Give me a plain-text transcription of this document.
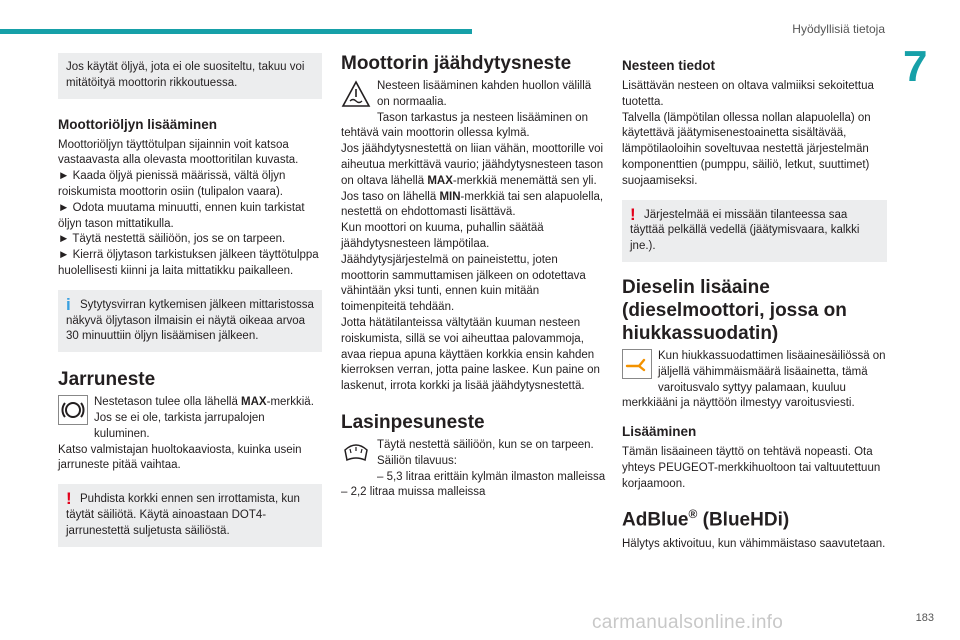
Hyödyllisiä tietoja
7
Jos käytät öljyä, jota ei ole suositeltu, takuu voi mitätöityä moottorin rikkoutuessa.
Moottoriöljyn lisääminen
Moottoriöljyn täyttötulpan sijainnin voit katsoa vastaavasta alla olevasta moottoritilan kuvasta.
► Kaada öljyä pienissä määrissä, vältä öljyn roiskumista moottorin osiin (tulipalon vaara).
► Odota muutama minuutti, ennen kuin tarkistat öljyn tason mittatikulla.
► Täytä nestettä säiliöön, jos se on tarpeen.
► Kierrä öljytason tarkistuksen jälkeen täyttötulppa huolellisesti kiinni ja laita mittatikku paikalleen.
i Sytytysvirran kytkemisen jälkeen mittaristossa näkyvä öljytason ilmaisin ei näytä oikeaa arvoa 30 minuuttiin öljyn lisäämisen jälkeen.
Jarruneste
Nestetason tulee olla lähellä MAX-merkkiä. Jos se ei ole, tarkista jarrupalojen kuluminen.
Katso valmistajan huoltokaaviosta, kuinka usein jarruneste pitää vaihtaa.
! Puhdista korkki ennen sen irrottamista, kun täytät säiliötä. Käytä ainoastaan DOT4-jarrunestettä suljetusta säiliöstä.
Moottorin jäähdytysneste
Nesteen lisääminen kahden huollon välillä on normaalia.
Tason tarkastus ja nesteen lisääminen on tehtävä vain moottorin ollessa kylmä.
Jos jäähdytysnestettä on liian vähän, moottorille voi aiheutua merkittävä vaurio; jäähdytysnesteen tason on oltava lähellä MAX-merkkiä menemättä sen yli.
Jos taso on lähellä MIN-merkkiä tai sen alapuolella, nestettä on ehdottomasti lisättävä.
Kun moottori on kuuma, puhallin säätää jäähdytysnesteen lämpötilaa.
Jäähdytysjärjestelmä on paineistettu, joten moottorin sammuttamisen jälkeen on odotettava vähintään yksi tunti, ennen kuin mitään toimenpiteitä tehdään.
Jotta hätätilanteissa vältytään kuuman nesteen roiskumista, sillä se voi aiheuttaa palovammoja, avaa riepua apuna käyttäen korkkia ensin kahden kierroksen verran, jotta paine laskee. Kun paine on laskenut, irrota korkki ja lisää jäähdytysnestettä.
Lasinpesuneste
Täytä nestettä säiliöön, kun se on tarpeen.
Säiliön tilavuus:
– 5,3 litraa erittäin kylmän ilmaston malleissa
– 2,2 litraa muissa malleissa
Nesteen tiedot
Lisättävän nesteen on oltava valmiiksi sekoitettua tuotetta.
Talvella (lämpötilan ollessa nollan alapuolella) on käytettävä jäätymisenestoainetta sisältävää, lämpötilaoloihin soveltuvaa nestettä järjestelmän komponenttien (pumppu, säiliö, letkut, suuttimet) suojaamiseksi.
! Järjestelmää ei missään tilanteessa saa täyttää pelkällä vedellä (jäätymisvaara, kalkki jne.).
Dieselin lisäaine (dieselmoottori, jossa on hiukkassuodatin)
Kun hiukkassuodattimen lisäainesäiliössä on jäljellä vähimmäismäärä lisäainetta, tämä varoitusvalo syttyy palamaan, kuuluu merkkiääni ja näyttöön ilmestyy varoitusviesti.
Lisääminen
Tämän lisäaineen täyttö on tehtävä nopeasti. Ota yhteys PEUGEOT-merkkihuoltoon tai valtuutettuun korjaamoon.
AdBlue® (BlueHDi)
Hälytys aktivoituu, kun vähimmäistaso saavutetaan.
carmanualsonline.info	183
